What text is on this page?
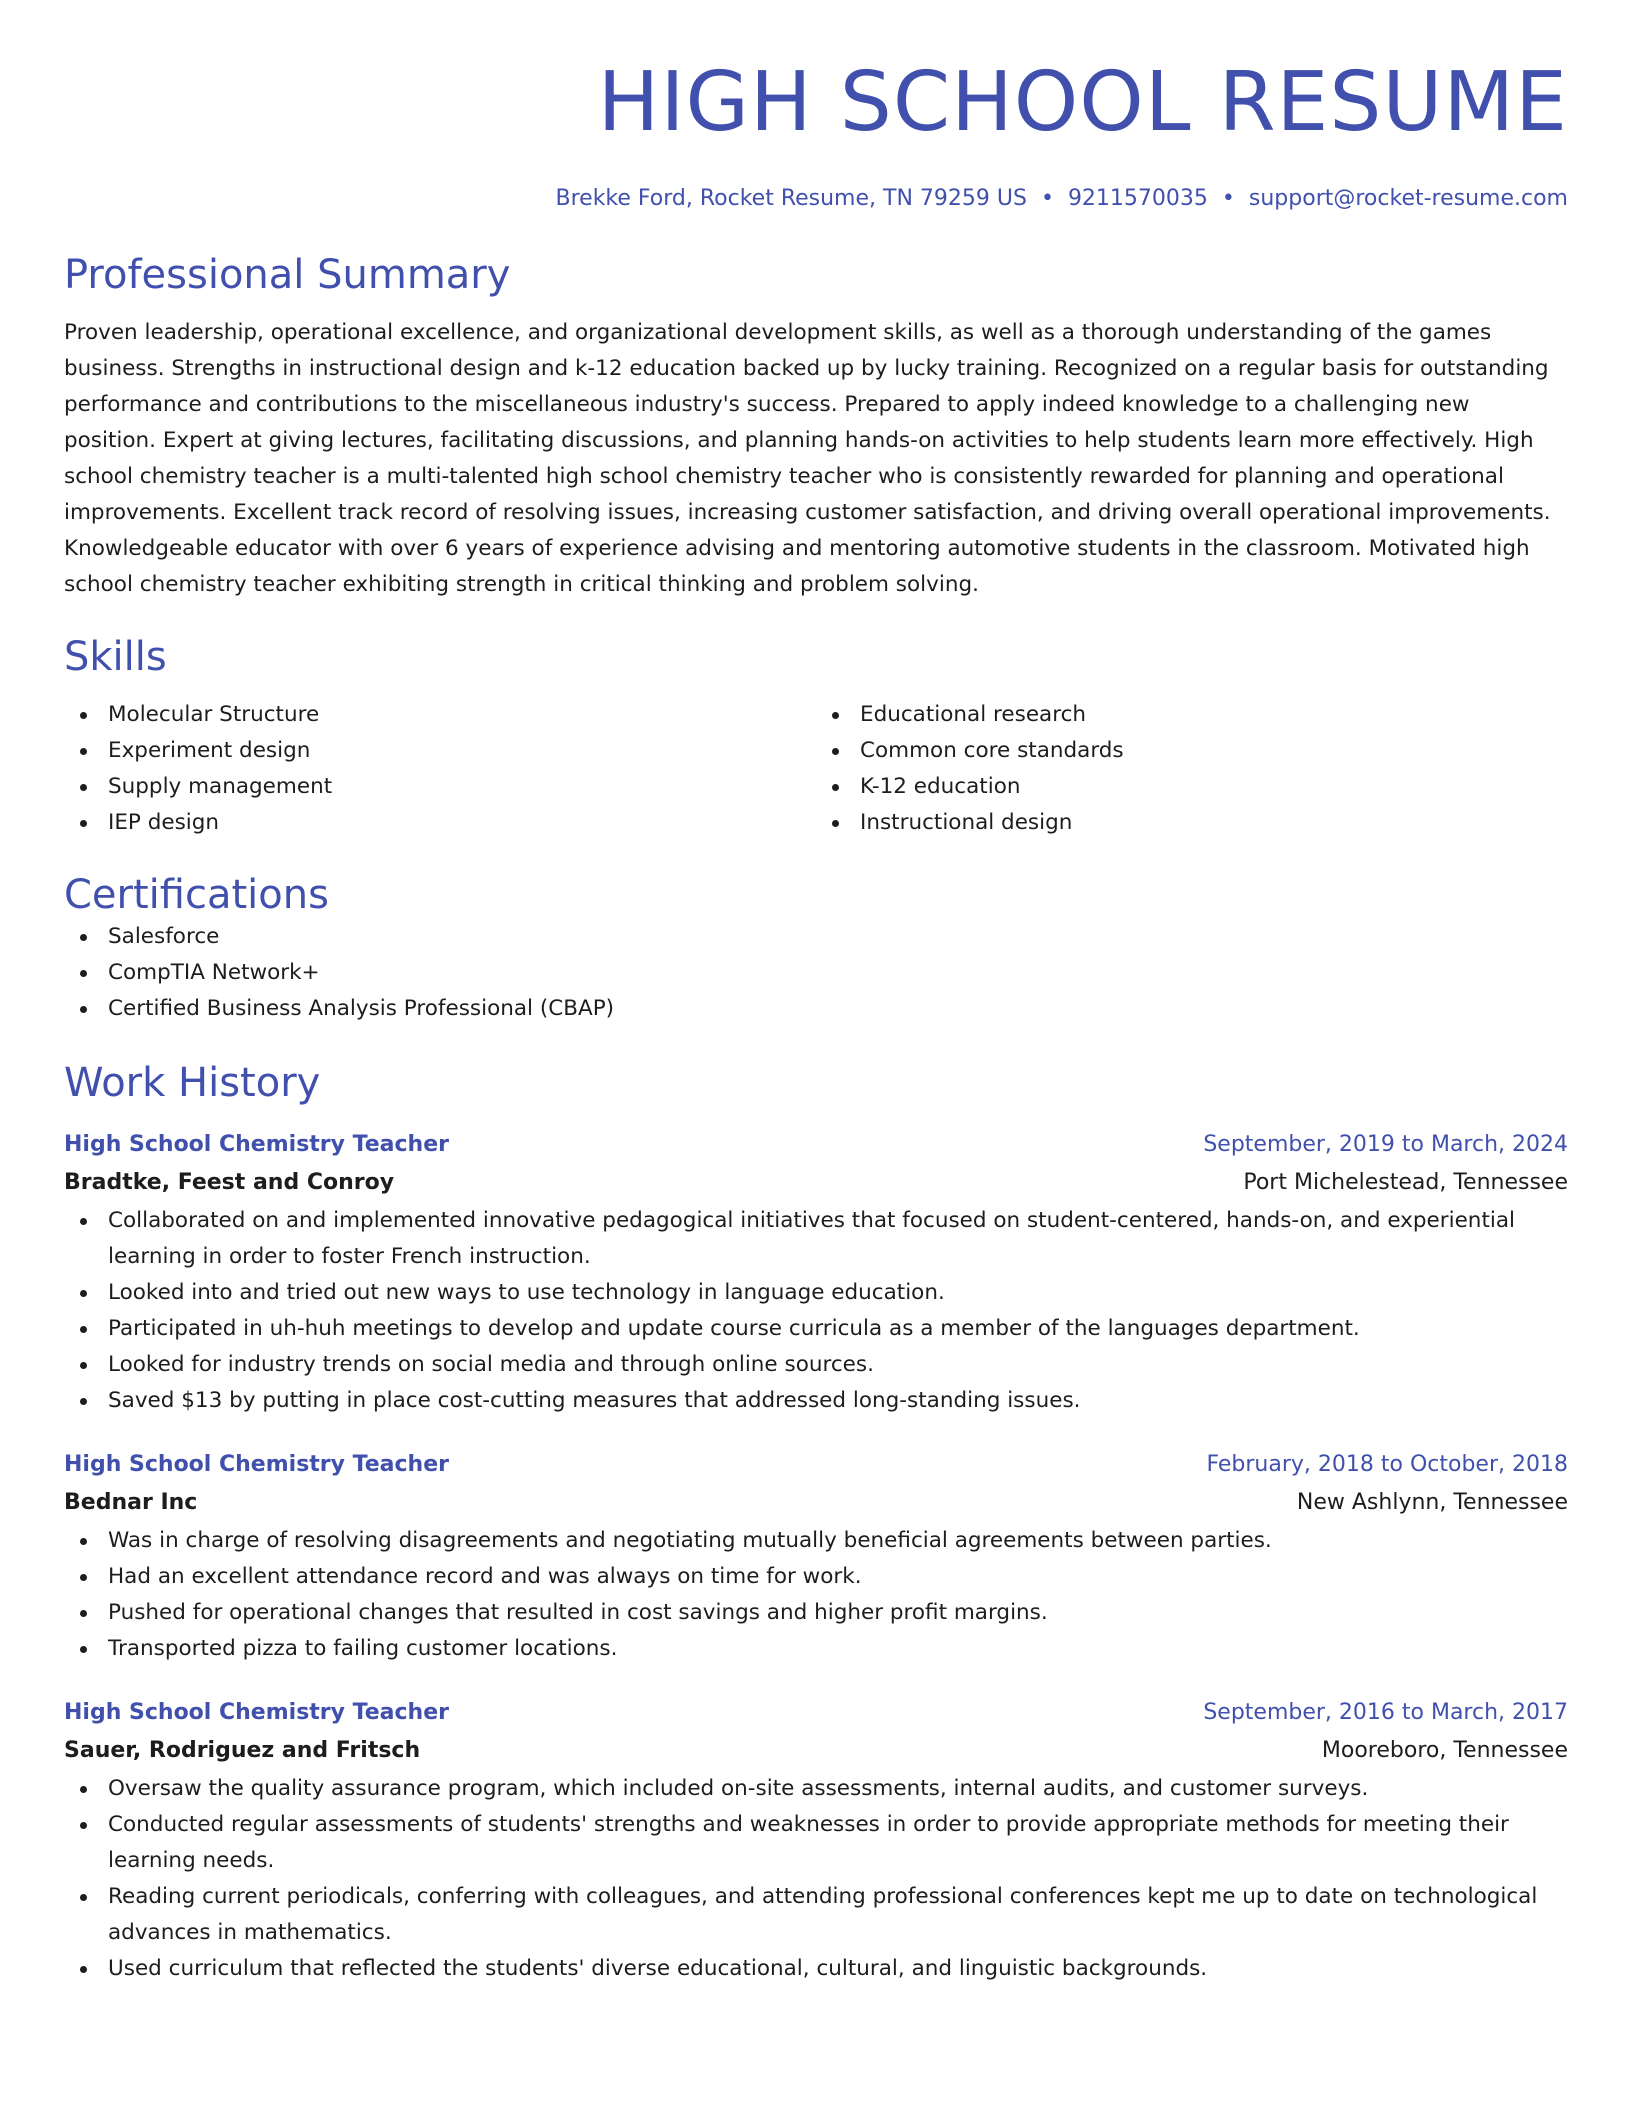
HIGH SCHOOL RESUME
Brekke Ford, Rocket Resume, TN 79259 US • 9211570035 • support@rocket-resume.com
Professional Summary

Proven leadership, operational excellence, and organizational development skills, as well as a thorough understanding of the games business. Strengths in instructional design and k-12 education backed up by lucky training. Recognized on a regular basis for outstanding performance and contributions to the miscellaneous industry's success. Prepared to apply indeed knowledge to a challenging new position. Expert at giving lectures, facilitating discussions, and planning hands-on activities to help students learn more effectively. High school chemistry teacher is a multi-talented high school chemistry teacher who is consistently rewarded for planning and operational improvements. Excellent track record of resolving issues, increasing customer satisfaction, and driving overall operational improvements. Knowledgeable educator with over 6 years of experience advising and mentoring automotive students in the classroom. Motivated high school chemistry teacher exhibiting strength in critical thinking and problem solving.

Skills
Molecular Structure
Experiment design
Supply management
IEP design
Educational research
Common core standards
K-12 education
Instructional design
Certifications
Salesforce
CompTIA Network+
Certified Business Analysis Professional (CBAP)
Work History
High School Chemistry Teacher	September, 2019 to March, 2024
Bradtke, Feest and Conroy	Port Michelestead, Tennessee
Collaborated on and implemented innovative pedagogical initiatives that focused on student-centered, hands-on, and experiential learning in order to foster French instruction.
Looked into and tried out new ways to use technology in language education.
Participated in uh-huh meetings to develop and update course curricula as a member of the languages department.
Looked for industry trends on social media and through online sources.
Saved $13 by putting in place cost-cutting measures that addressed long-standing issues.
High School Chemistry Teacher	February, 2018 to October, 2018
Bednar Inc	New Ashlynn, Tennessee
Was in charge of resolving disagreements and negotiating mutually beneficial agreements between parties.
Had an excellent attendance record and was always on time for work.
Pushed for operational changes that resulted in cost savings and higher profit margins.
Transported pizza to failing customer locations.
High School Chemistry Teacher	September, 2016 to March, 2017
Sauer, Rodriguez and Fritsch	Mooreboro, Tennessee
Oversaw the quality assurance program, which included on-site assessments, internal audits, and customer surveys.
Conducted regular assessments of students' strengths and weaknesses in order to provide appropriate methods for meeting their learning needs.
Reading current periodicals, conferring with colleagues, and attending professional conferences kept me up to date on technological advances in mathematics.
Used curriculum that reflected the students' diverse educational, cultural, and linguistic backgrounds.
